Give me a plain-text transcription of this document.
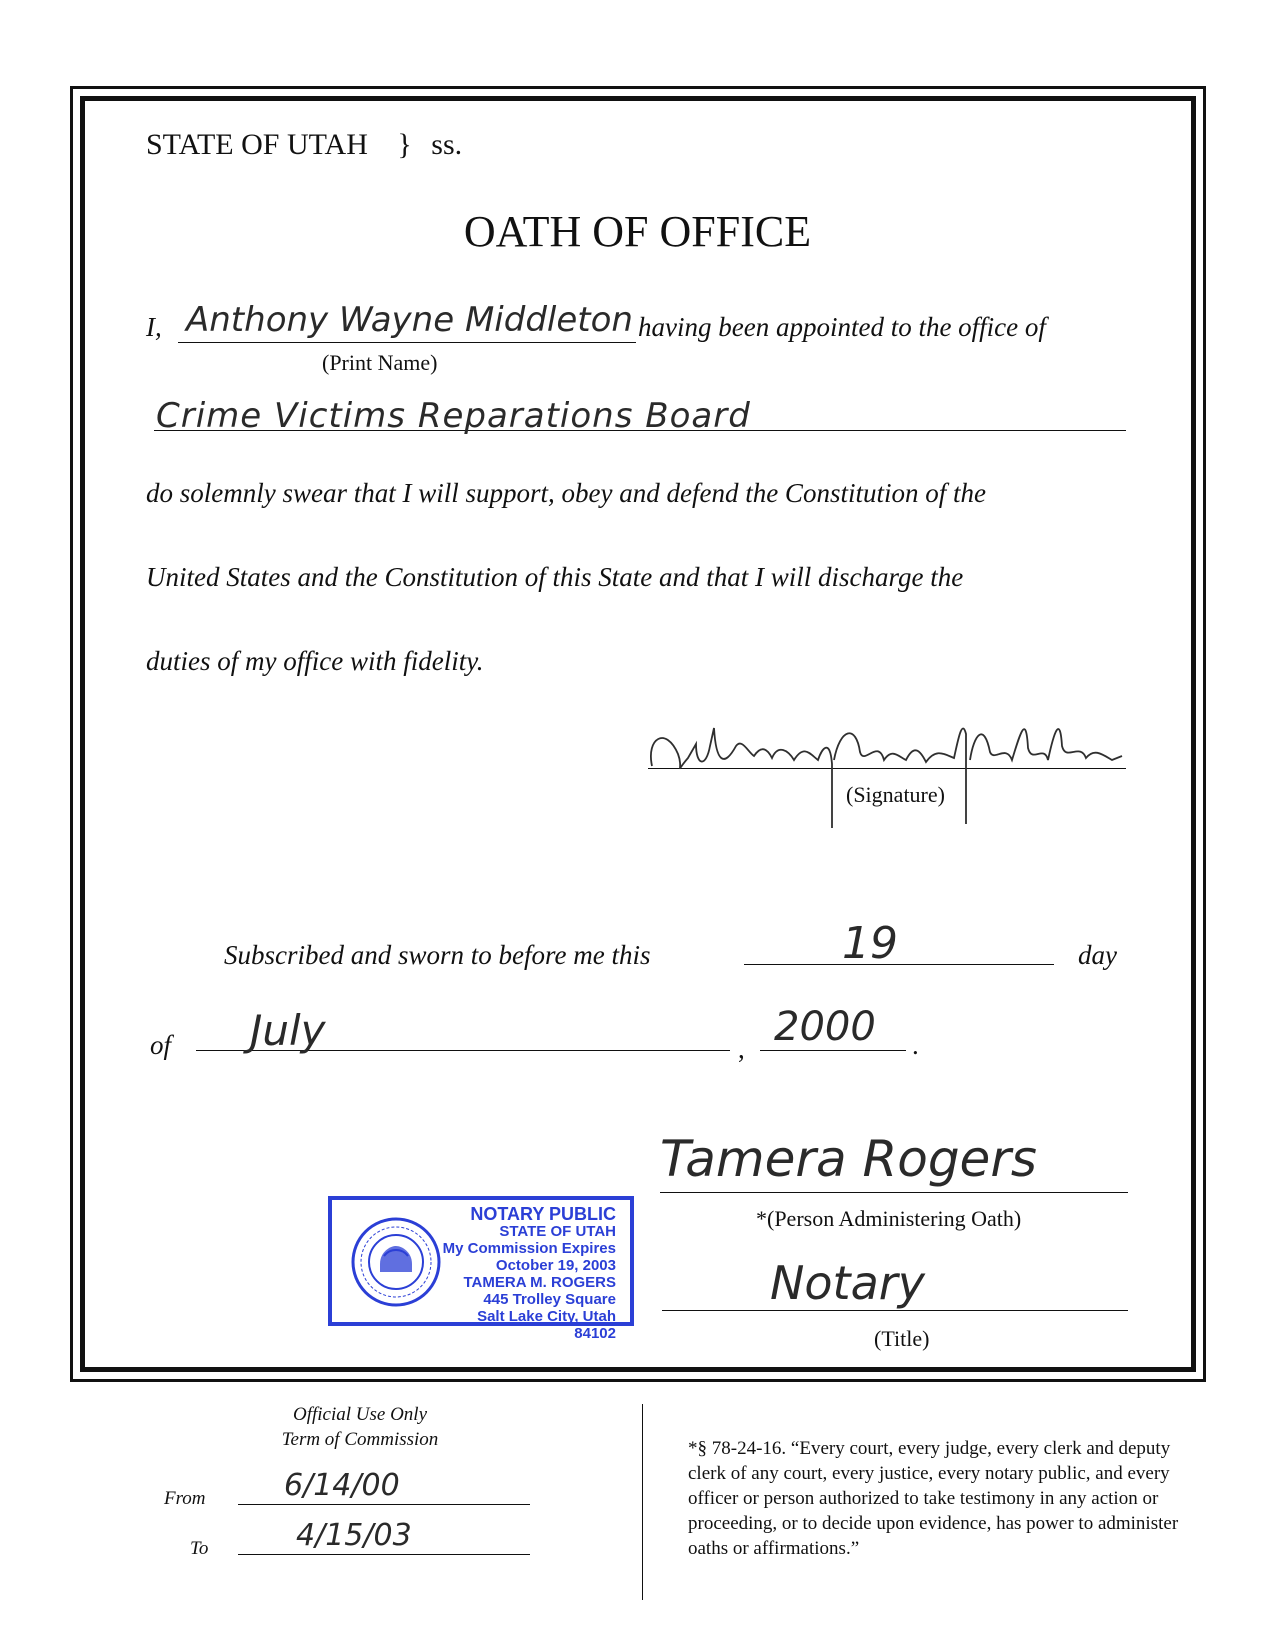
STATE OF UTAH } ss.
OATH OF OFFICE
I, Anthony Wayne Middleton having been appointed to the office of
(Print Name)
Crime Victims Reparations Board
do solemnly swear that I will support, obey and defend the Constitution of the
United States and the Constitution of this State and that I will discharge the
duties of my office with fidelity.
(Signature)
Subscribed and sworn to before me this	19	day
of July	, 2000 .
Tamera Rogers
*(Person Administering Oath)
Notary
(Title)
NOTARY PUBLIC
STATE OF UTAH
My Commission Expires
October 19, 2003
TAMERA M. ROGERS
445 Trolley Square
Salt Lake City, Utah 84102
Official Use Only
Term of Commission
From	6/14/00
To	4/15/03
*§ 78-24-16. “Every court, every judge, every clerk and deputy clerk of any court, every justice, every notary public, and every officer or person authorized to take testimony in any action or proceeding, or to decide upon evidence, has power to administer oaths or affirmations.”
